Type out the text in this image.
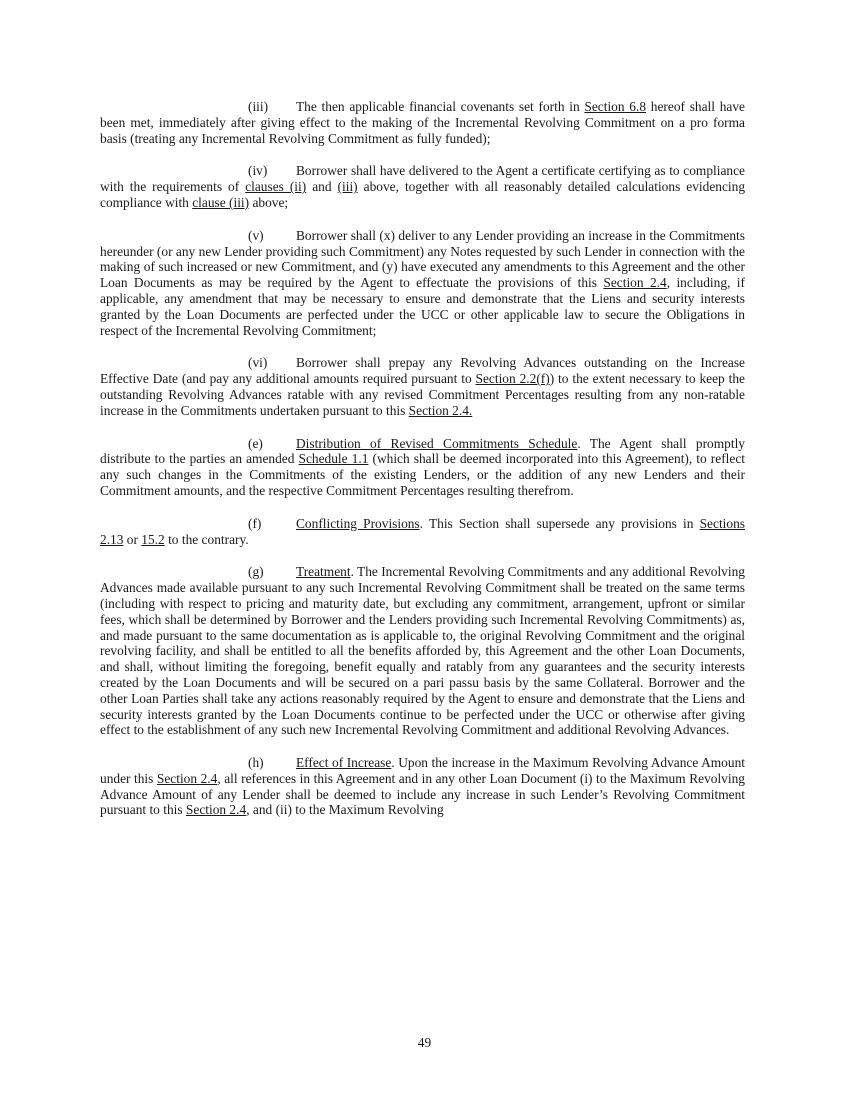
(iii) The then applicable financial covenants set forth in Section 6.8 hereof shall have been met, immediately after giving effect to the making of the Incremental Revolving Commitment on a pro forma basis (treating any Incremental Revolving Commitment as fully funded);

(iv) Borrower shall have delivered to the Agent a certificate certifying as to compliance with the requirements of clauses (ii) and (iii) above, together with all reasonably detailed calculations evidencing compliance with clause (iii) above;

(v) Borrower shall (x) deliver to any Lender providing an increase in the Commitments hereunder (or any new Lender providing such Commitment) any Notes requested by such Lender in connection with the making of such increased or new Commitment, and (y) have executed any amendments to this Agreement and the other Loan Documents as may be required by the Agent to effectuate the provisions of this Section 2.4, including, if applicable, any amendment that may be necessary to ensure and demonstrate that the Liens and security interests granted by the Loan Documents are perfected under the UCC or other applicable law to secure the Obligations in respect of the Incremental Revolving Commitment;

(vi) Borrower shall prepay any Revolving Advances outstanding on the Increase Effective Date (and pay any additional amounts required pursuant to Section 2.2(f)) to the extent necessary to keep the outstanding Revolving Advances ratable with any revised Commitment Percentages resulting from any non-ratable increase in the Commitments undertaken pursuant to this Section 2.4.

(e) Distribution of Revised Commitments Schedule. The Agent shall promptly distribute to the parties an amended Schedule 1.1 (which shall be deemed incorporated into this Agreement), to reflect any such changes in the Commitments of the existing Lenders, or the addition of any new Lenders and their Commitment amounts, and the respective Commitment Percentages resulting therefrom.

(f)	Conflicting Provisions. This Section shall supersede any provisions in Sections 2.13 or 15.2 to the contrary.

(g) Treatment. The Incremental Revolving Commitments and any additional Revolving Advances made available pursuant to any such Incremental Revolving Commitment shall be treated on the same terms (including with respect to pricing and maturity date, but excluding any commitment, arrangement, upfront or similar fees, which shall be determined by Borrower and the Lenders providing such Incremental Revolving Commitments) as, and made pursuant to the same documentation as is applicable to, the original Revolving Commitment and the original revolving facility, and shall be entitled to all the benefits afforded by, this Agreement and the other Loan Documents, and shall, without limiting the foregoing, benefit equally and ratably from any guarantees and the security interests created by the Loan Documents and will be secured on a pari passu basis by the same Collateral. Borrower and the other Loan Parties shall take any actions reasonably required by the Agent to ensure and demonstrate that the Liens and security interests granted by the Loan Documents continue to be perfected under the UCC or otherwise after giving effect to the establishment of any such new Incremental Revolving Commitment and additional Revolving Advances.

(h) Effect of Increase. Upon the increase in the Maximum Revolving Advance Amount under this Section 2.4, all references in this Agreement and in any other Loan Document (i) to the Maximum Revolving Advance Amount of any Lender shall be deemed to include any increase in such Lender’s Revolving Commitment pursuant to this Section 2.4, and (ii) to the Maximum Revolving

49
